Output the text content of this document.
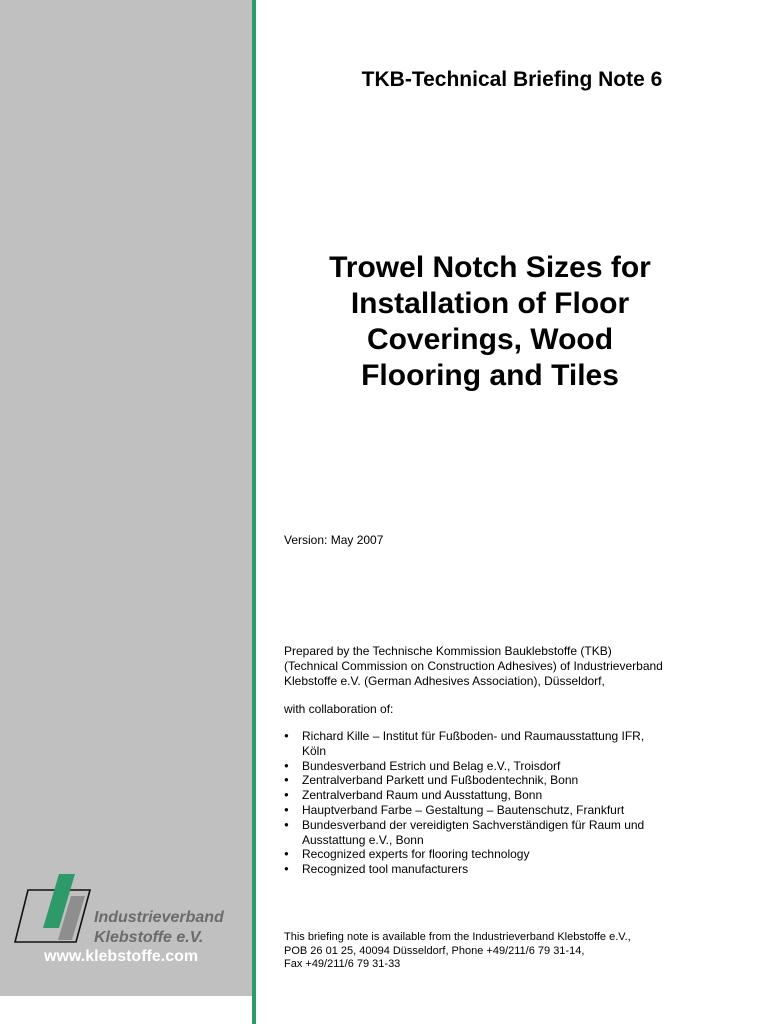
TKB-Technical Briefing Note 6
Trowel Notch Sizes for
Installation of Floor
Coverings, Wood
Flooring and Tiles
Version: May 2007
Prepared by the Technische Kommission Bauklebstoffe (TKB)
(Technical Commission on Construction Adhesives) of Industrieverband
Klebstoffe e.V. (German Adhesives Association), Düsseldorf,
with collaboration of:
● Richard Kille – Institut für Fußboden- und Raumausstattung IFR,
Köln
● Bundesverband Estrich und Belag e.V., Troisdorf
● Zentralverband Parkett und Fußbodentechnik, Bonn
● Zentralverband Raum und Ausstattung, Bonn
● Hauptverband Farbe – Gestaltung – Bautenschutz, Frankfurt
● Bundesverband der vereidigten Sachverständigen für Raum und
Ausstattung e.V., Bonn
● Recognized experts for flooring technology
● Recognized tool manufacturers
This briefing note is available from the Industrieverband Klebstoffe e.V.,
POB 26 01 25, 40094 Düsseldorf, Phone +49/211/6 79 31-14,
Fax +49/211/6 79 31-33
Industrieverband
Klebstoffe e.V.
www.klebstoffe.com
